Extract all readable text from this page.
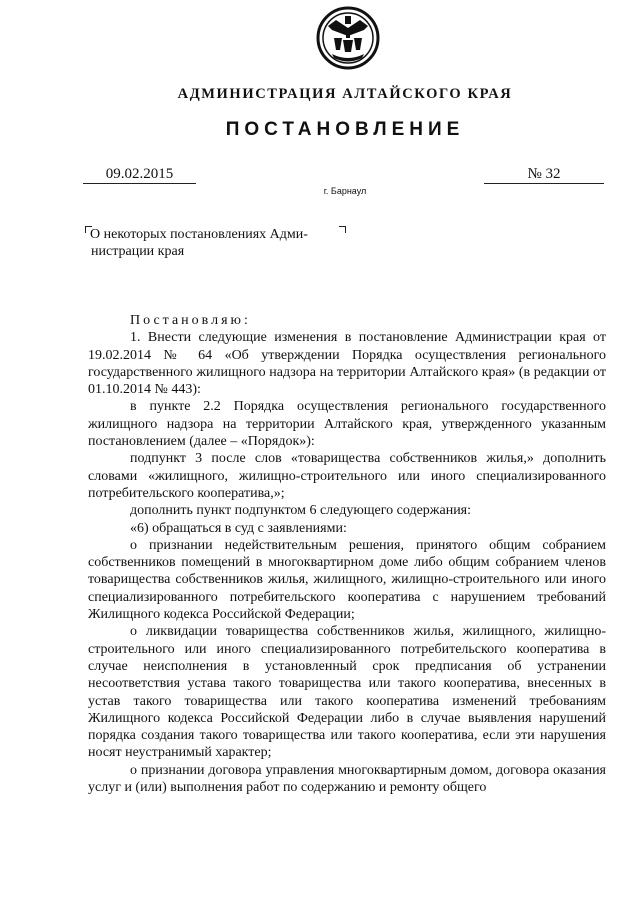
АДМИНИСТРАЦИЯ АЛТАЙСКОГО КРАЯ
ПОСТАНОВЛЕНИЕ
09.02.2015	№ 32
г. Барнаул
О некоторых постановлениях Адми-
нистрации края

Постановляю:

1. Внести следующие изменения в постановление Администрации края от 19.02.2014 № 64 «Об утверждении Порядка осуществления регионального государственного жилищного надзора на территории Алтайского края» (в редакции от 01.10.2014 № 443):

в пункте 2.2 Порядка осуществления регионального государственного жилищного надзора на территории Алтайского края, утвержденного указанным постановлением (далее – «Порядок»):

подпункт 3 после слов «товарищества собственников жилья,» дополнить словами «жилищного, жилищно-строительного или иного специализированного потребительского кооператива,»;

дополнить пункт подпунктом 6 следующего содержания:

«6) обращаться в суд с заявлениями:

о признании недействительным решения, принятого общим собранием собственников помещений в многоквартирном доме либо общим собранием членов товарищества собственников жилья, жилищного, жилищно-строительного или иного специализированного потребительского кооператива с нарушением требований Жилищного кодекса Российской Федерации;

о ликвидации товарищества собственников жилья, жилищного, жилищно-строительного или иного специализированного потребительского кооператива в случае неисполнения в установленный срок предписания об устранении несоответствия устава такого товарищества или такого кооператива, внесенных в устав такого товарищества или такого кооператива изменений требованиям Жилищного кодекса Российской Федерации либо в случае выявления нарушений порядка создания такого товарищества или такого кооператива, если эти нарушения носят неустранимый характер;

о признании договора управления многоквартирным домом, договора оказания услуг и (или) выполнения работ по содержанию и ремонту общего
